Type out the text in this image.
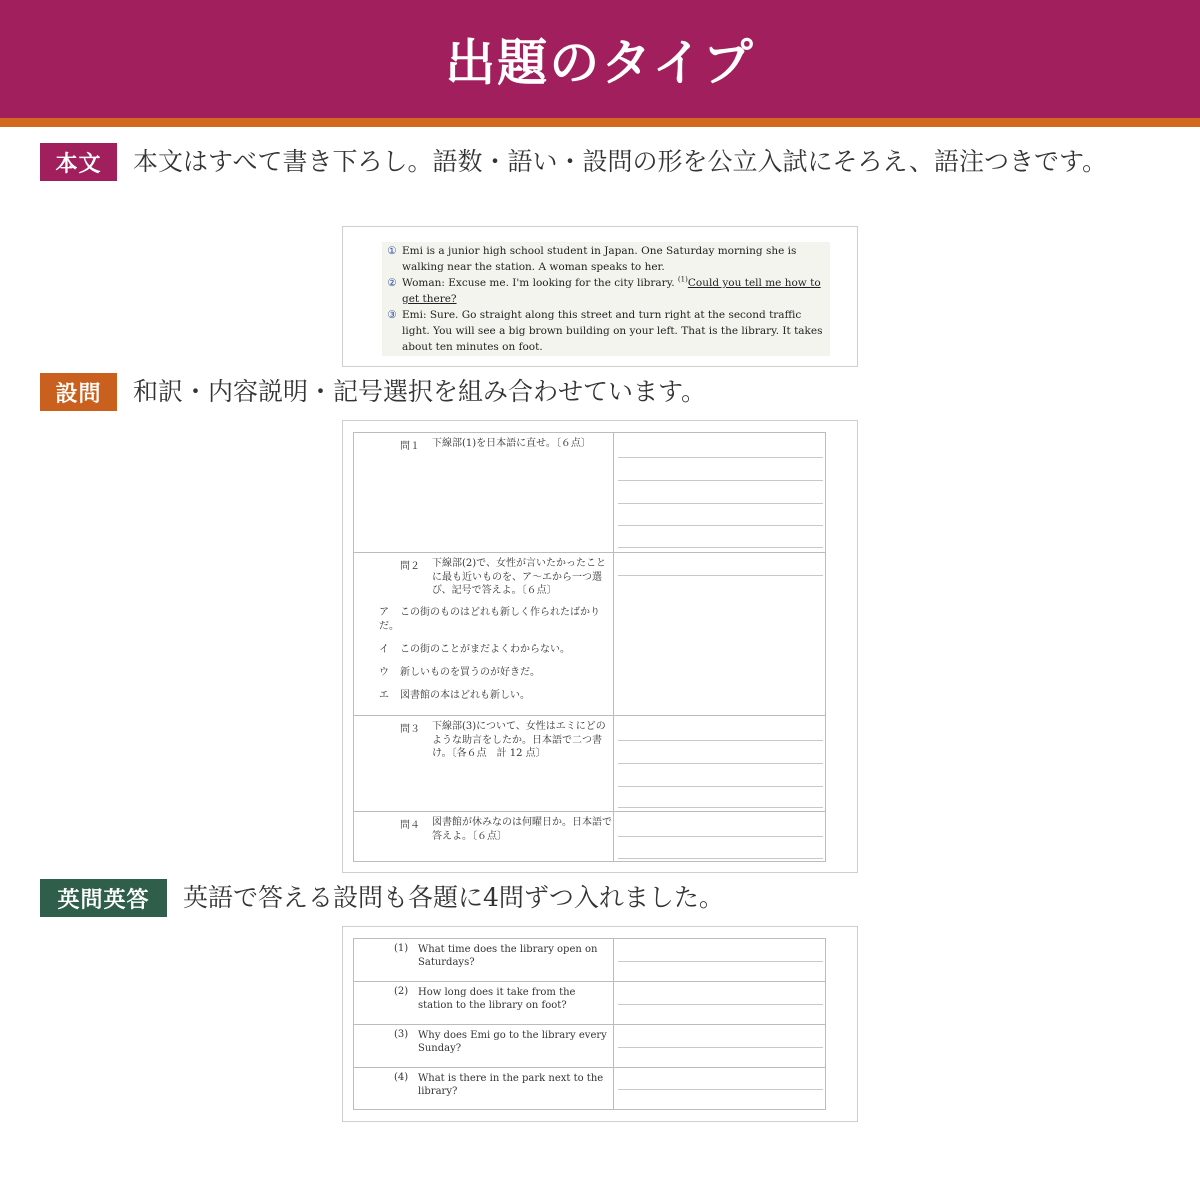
出題のタイプ
本文	本文はすべて書き下ろし。語数・語い・設問の形を公立入試にそろえ、語注つきです。
① Emi is a junior high school student in Japan. One Saturday morning she is walking near the station. A woman speaks to her.
② Woman: Excuse me. I'm looking for the city library. $^{(1)}$Could you tell me how to get there?
③ Emi: Sure. Go straight along this street and turn right at the second traffic light. You will see a big brown building on your left. That is the library. It takes about ten minutes on foot.
設問	和訳・内容説明・記号選択を組み合わせています。
問１ 下線部(1)を日本語に直せ。〔６点〕
問２ 下線部(2)で、女性が言いたかったことに最も近いものを、ア～エから一つ選び、記号で答えよ。〔６点〕
ア この街のものはどれも新しく作られたばかりだ。
イ この街のことがまだよくわからない。
ウ 新しいものを買うのが好きだ。
エ 図書館の本はどれも新しい。
問３ 下線部(3)について、女性はエミにどのような助言をしたか。日本語で二つ書け。〔各６点　計 12 点〕
問４ 図書館が休みなのは何曜日か。日本語で答えよ。〔６点〕
英問英答	英語で答える設問も各題に4問ずつ入れました。
(1) What time does the library open on Saturdays?
(2) How long does it take from the station to the library on foot?
(3) Why does Emi go to the library every Sunday?
(4) What is there in the park next to the library?
